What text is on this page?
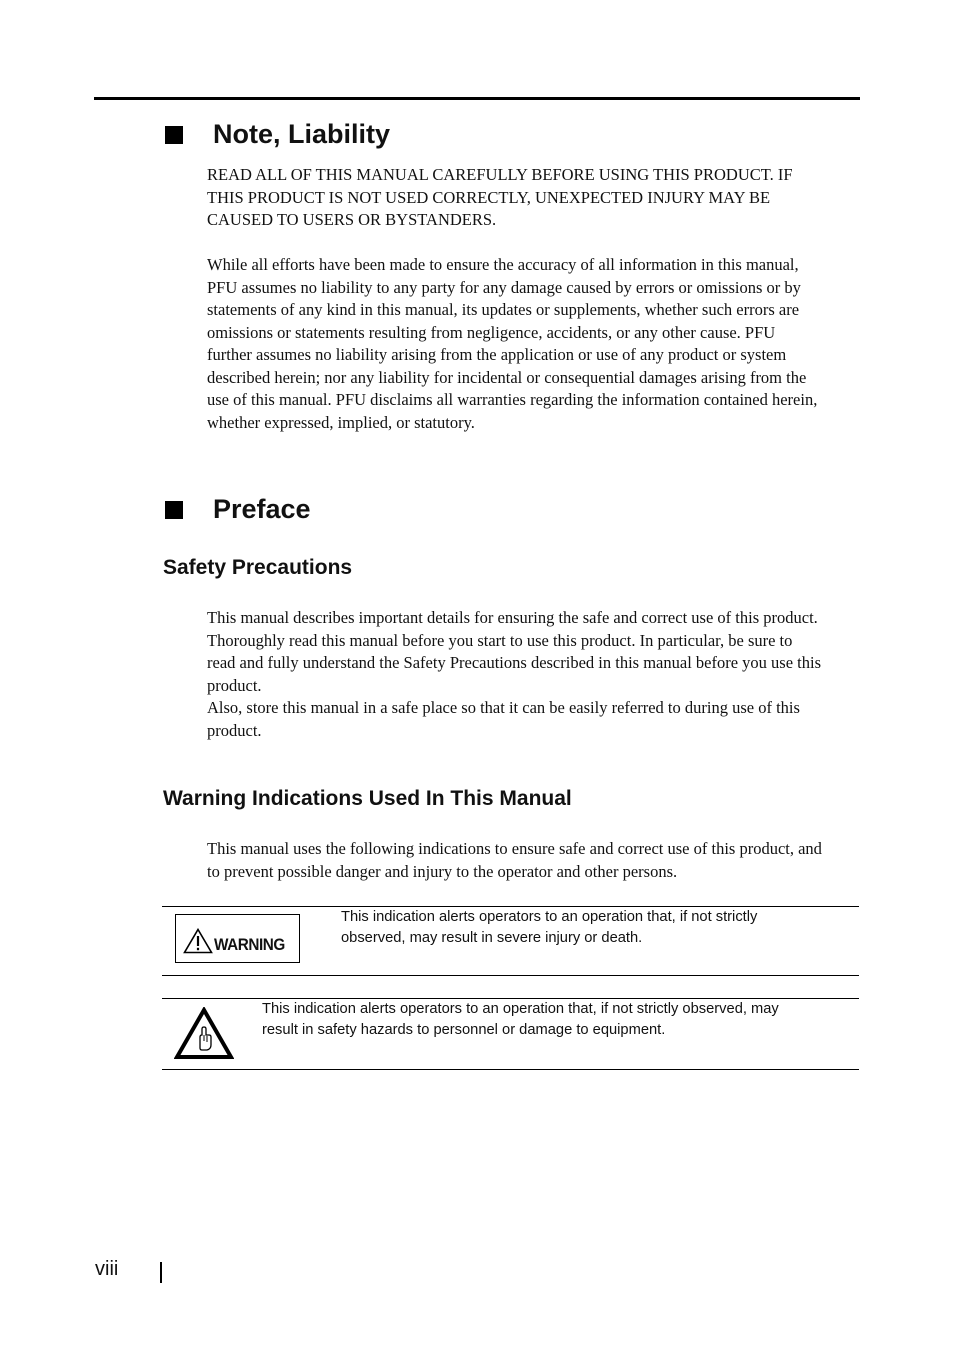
Note, Liability

READ ALL OF THIS MANUAL CAREFULLY BEFORE USING THIS PRODUCT. IF
THIS PRODUCT IS NOT USED CORRECTLY, UNEXPECTED INJURY MAY BE
CAUSED TO USERS OR BYSTANDERS.

While all efforts have been made to ensure the accuracy of all information in this manual,
PFU assumes no liability to any party for any damage caused by errors or omissions or by
statements of any kind in this manual, its updates or supplements, whether such errors are
omissions or statements resulting from negligence, accidents, or any other cause. PFU
further assumes no liability arising from the application or use of any product or system
described herein; nor any liability for incidental or consequential damages arising from the
use of this manual. PFU disclaims all warranties regarding the information contained herein,
whether expressed, implied, or statutory.

Preface
Safety Precautions

This manual describes important details for ensuring the safe and correct use of this product.
Thoroughly read this manual before you start to use this product. In particular, be sure to
read and fully understand the Safety Precautions described in this manual before you use this
product.
Also, store this manual in a safe place so that it can be easily referred to during use of this
product.

Warning Indications Used In This Manual

This manual uses the following indications to ensure safe and correct use of this product, and
to prevent possible danger and injury to the operator and other persons.

WARNING

This indication alerts operators to an operation that, if not strictly
observed, may result in severe injury or death.

This indication alerts operators to an operation that, if not strictly observed, may
result in safety hazards to personnel or damage to equipment.

viii
